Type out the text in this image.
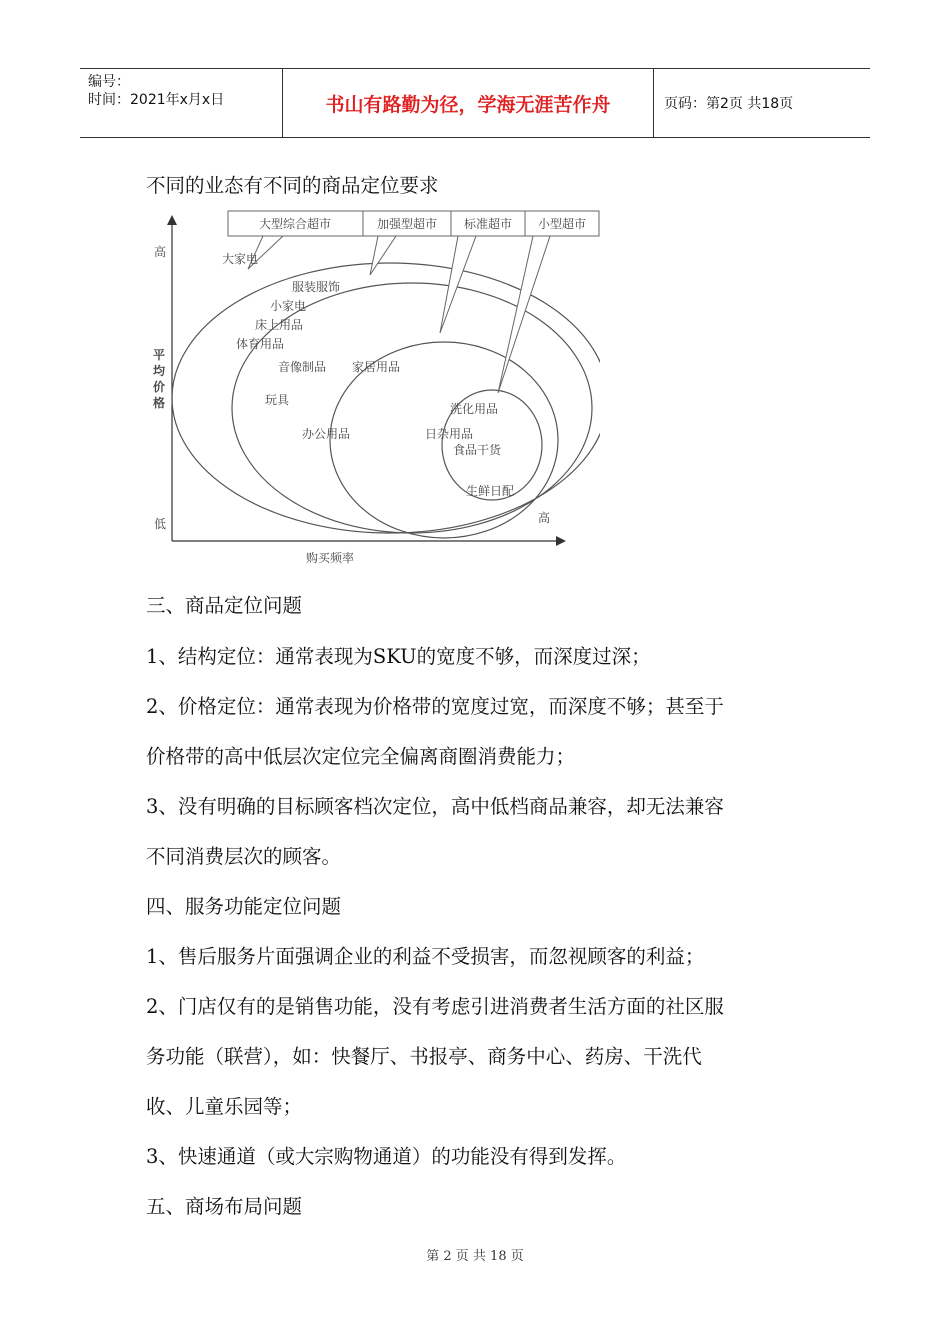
编号：
时间：2021年x月x日	书山有路勤为径，学海无涯苦作舟	页码：第2页 共18页
不同的业态有不同的商品定位要求
大型综合超市	加强型超市 标准超市 小型超市
高
低
平均价格
购买频率
高
大家电
服装服饰
小家电
床上用品
体育用品
音像制品 家居用品
玩具
办公用品
洗化用品
日杂用品
食品干货
生鲜日配
三、商品定位问题
1、结构定位：通常表现为SKU的宽度不够，而深度过深；
2、价格定位：通常表现为价格带的宽度过宽，而深度不够；甚至于
价格带的高中低层次定位完全偏离商圈消费能力；
3、没有明确的目标顾客档次定位，高中低档商品兼容，却无法兼容
不同消费层次的顾客。
四、服务功能定位问题
1、售后服务片面强调企业的利益不受损害，而忽视顾客的利益；
2、门店仅有的是销售功能，没有考虑引进消费者生活方面的社区服
务功能（联营），如：快餐厅、书报亭、商务中心、药房、干洗代
收、儿童乐园等；
3、快速通道（或大宗购物通道）的功能没有得到发挥。
五、商场布局问题
第 2 页 共 18 页
